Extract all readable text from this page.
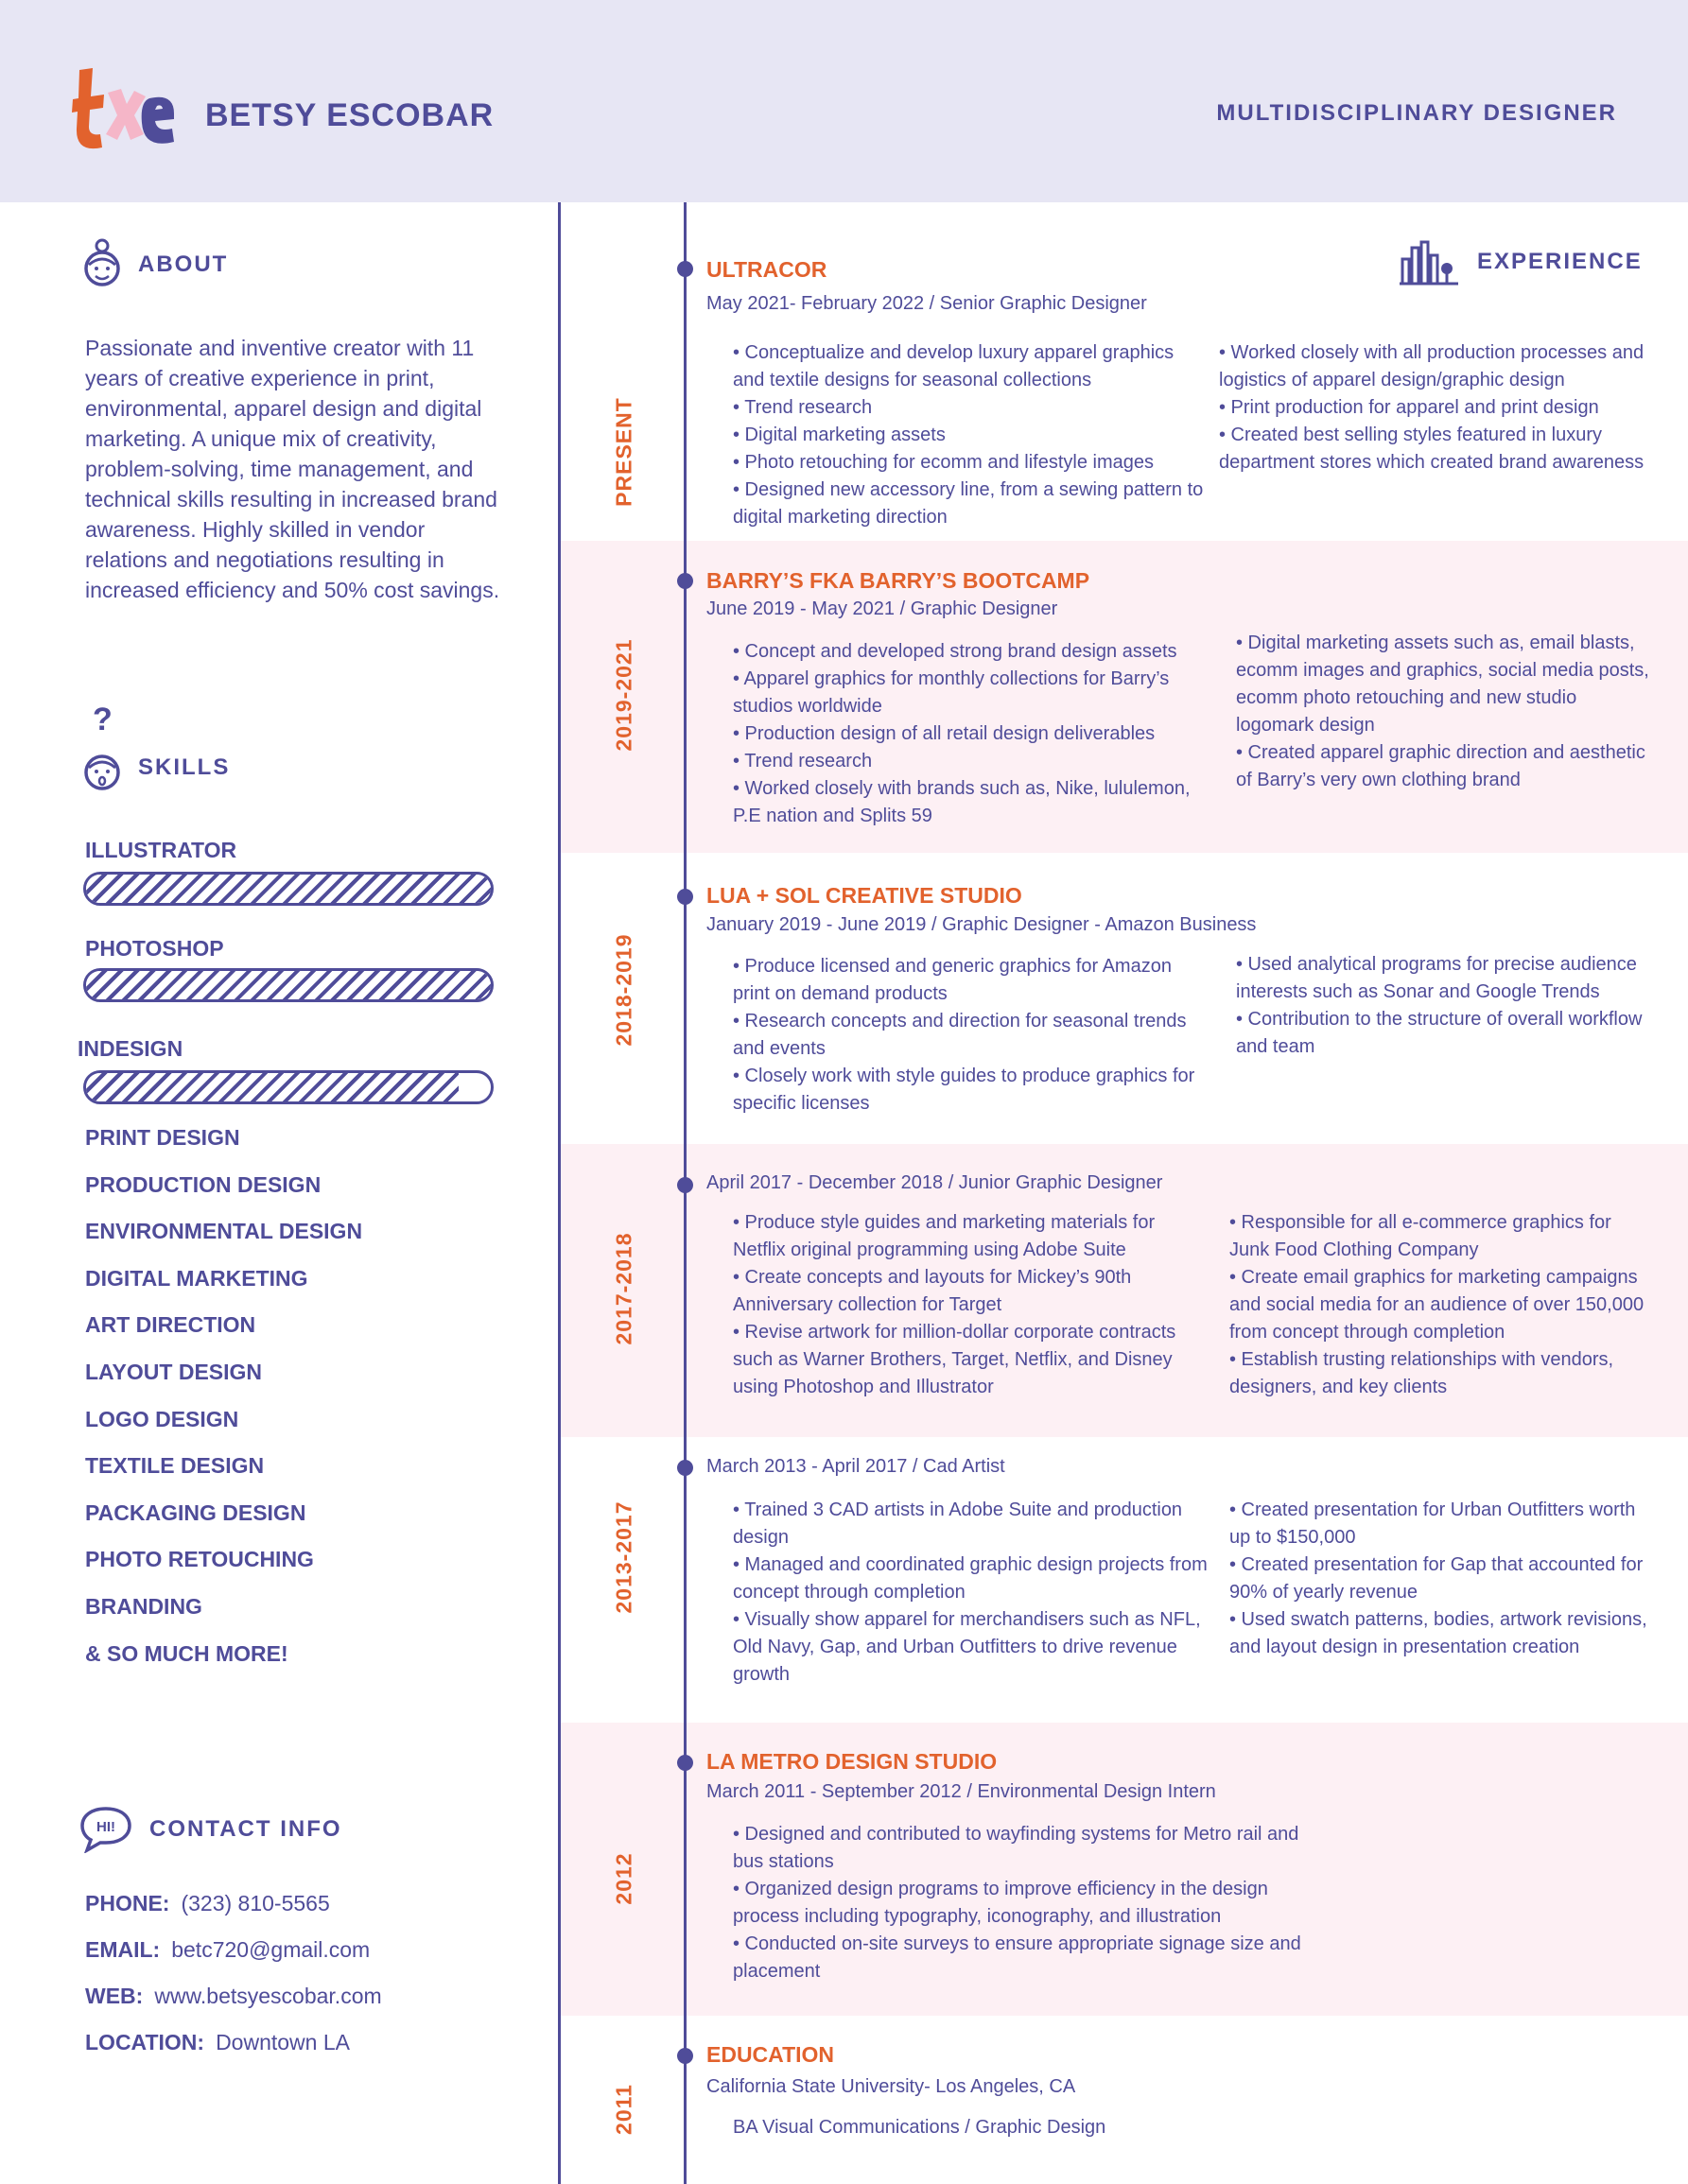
BETSY ESCOBAR	MULTIDISCIPLINARY DESIGNER
ABOUT
Passionate and inventive creator with 11 years of creative experience in print, environmental, apparel design and digital marketing. A unique mix of creativity, problem-solving, time management, and technical skills resulting in increased brand awareness. Highly skilled in vendor relations and negotiations resulting in increased efficiency and 50% cost savings.
?
SKILLS
ILLUSTRATOR
PHOTOSHOP
INDESIGN
PRINT DESIGN
PRODUCTION DESIGN
ENVIRONMENTAL DESIGN
DIGITAL MARKETING
ART DIRECTION
LAYOUT DESIGN
LOGO DESIGN
TEXTILE DESIGN
PACKAGING DESIGN
PHOTO RETOUCHING
BRANDING
& SO MUCH MORE!
HI! CONTACT INFO
PHONE: (323) 810-5565
EMAIL: betc720@gmail.com
WEB: www.betsyescobar.com
LOCATION: Downtown LA
EXPERIENCE
PRESENT
ULTRACOR
May 2021- February 2022 / Senior Graphic Designer

• Conceptualize and develop luxury apparel graphics and textile designs for seasonal collections

• Trend research

• Digital marketing assets

• Photo retouching for ecomm and lifestyle images

• Designed new accessory line, from a sewing pattern to digital marketing direction

• Worked closely with all production processes and logistics of apparel design/graphic design

• Print production for apparel and print design

• Created best selling styles featured in luxury department stores which created brand awareness

2019-2021
BARRY’S FKA BARRY’S BOOTCAMP
June 2019 - May 2021 / Graphic Designer

• Concept and developed strong brand design assets

• Apparel graphics for monthly collections for Barry’s studios worldwide

• Production design of all retail design deliverables

• Trend research

• Worked closely with brands such as, Nike, lululemon, P.E nation and Splits 59

• Digital marketing assets such as, email blasts, ecomm images and graphics, social media posts, ecomm photo retouching and new studio logomark design

• Created apparel graphic direction and aesthetic of Barry’s very own clothing brand

2018-2019
LUA + SOL CREATIVE STUDIO
January 2019 - June 2019 / Graphic Designer - Amazon Business

• Produce licensed and generic graphics for Amazon print on demand products

• Research concepts and direction for seasonal trends and events

• Closely work with style guides to produce graphics for specific licenses

• Used analytical programs for precise audience interests such as Sonar and Google Trends

• Contribution to the structure of overall workflow and team

2017-2018
April 2017 - December 2018 / Junior Graphic Designer

• Produce style guides and marketing materials for Netflix original programming using Adobe Suite

• Create concepts and layouts for Mickey’s 90th Anniversary collection for Target

• Revise artwork for million-dollar corporate contracts such as Warner Brothers, Target, Netflix, and Disney using Photoshop and Illustrator

• Responsible for all e-commerce graphics for Junk Food Clothing Company

• Create email graphics for marketing campaigns and social media for an audience of over 150,000 from concept through completion

• Establish trusting relationships with vendors, designers, and key clients

2013-2017
March 2013 - April 2017 / Cad Artist

• Trained 3 CAD artists in Adobe Suite and production design

• Managed and coordinated graphic design projects from concept through completion

• Visually show apparel for merchandisers such as NFL, Old Navy, Gap, and Urban Outfitters to drive revenue growth

• Created presentation for Urban Outfitters worth up to $150,000

• Created presentation for Gap that accounted for 90% of yearly revenue

• Used swatch patterns, bodies, artwork revisions, and layout design in presentation creation

2012
LA METRO DESIGN STUDIO
March 2011 - September 2012 / Environmental Design Intern

• Designed and contributed to wayfinding systems for Metro rail and bus stations

• Organized design programs to improve efficiency in the design process including typography, iconography, and illustration

• Conducted on-site surveys to ensure appropriate signage size and placement

2011
EDUCATION
California State University- Los Angeles, CA

BA Visual Communications / Graphic Design
